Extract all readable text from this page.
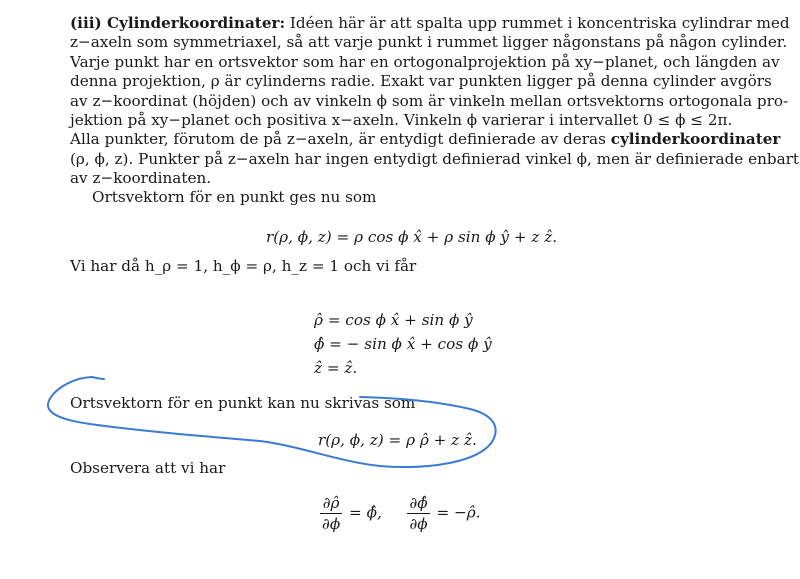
(iii) Cylinderkoordinater: Idéen här är att spalta upp rummet i koncentriska cylindrar med
z−axeln som symmetriaxel, så att varje punkt i rummet ligger någonstans på någon cylinder.
Varje punkt har en ortsvektor som har en ortogonalprojektion på xy−planet, och längden av
denna projektion, ρ är cylinderns radie. Exakt var punkten ligger på denna cylinder avgörs
av z−koordinat (höjden) och av vinkeln ϕ som är vinkeln mellan ortsvektorns ortogonala pro-
jektion på xy−planet och positiva x−axeln. Vinkeln ϕ varierar i intervallet 0 ≤ ϕ ≤ 2π.
Alla punkter, förutom de på z−axeln, är entydigt definierade av deras cylinderkoordinater
(ρ, ϕ, z). Punkter på z−axeln har ingen entydigt definierad vinkel ϕ, men är definierade enbart
av z−koordinaten.
Ortsvektorn för en punkt ges nu som
r(ρ, ϕ, z) = ρ cos ϕ x̂ + ρ sin ϕ ŷ + z ẑ.
Vi har då h_ρ = 1, h_ϕ = ρ, h_z = 1 och vi får
ρ̂ = cos ϕ x̂ + sin ϕ ŷ
ϕ̂ = − sin ϕ x̂ + cos ϕ ŷ
ẑ = ẑ.
Ortsvektorn för en punkt kan nu skrivas som
r(ρ, ϕ, z) = ρ ρ̂ + z ẑ.
Observera att vi har
$\frac{\partial\rhô}{\partial\phi}$ = ϕ̂, $\frac{\partial\phî}{\partial\phi}$ = −ρ̂.
